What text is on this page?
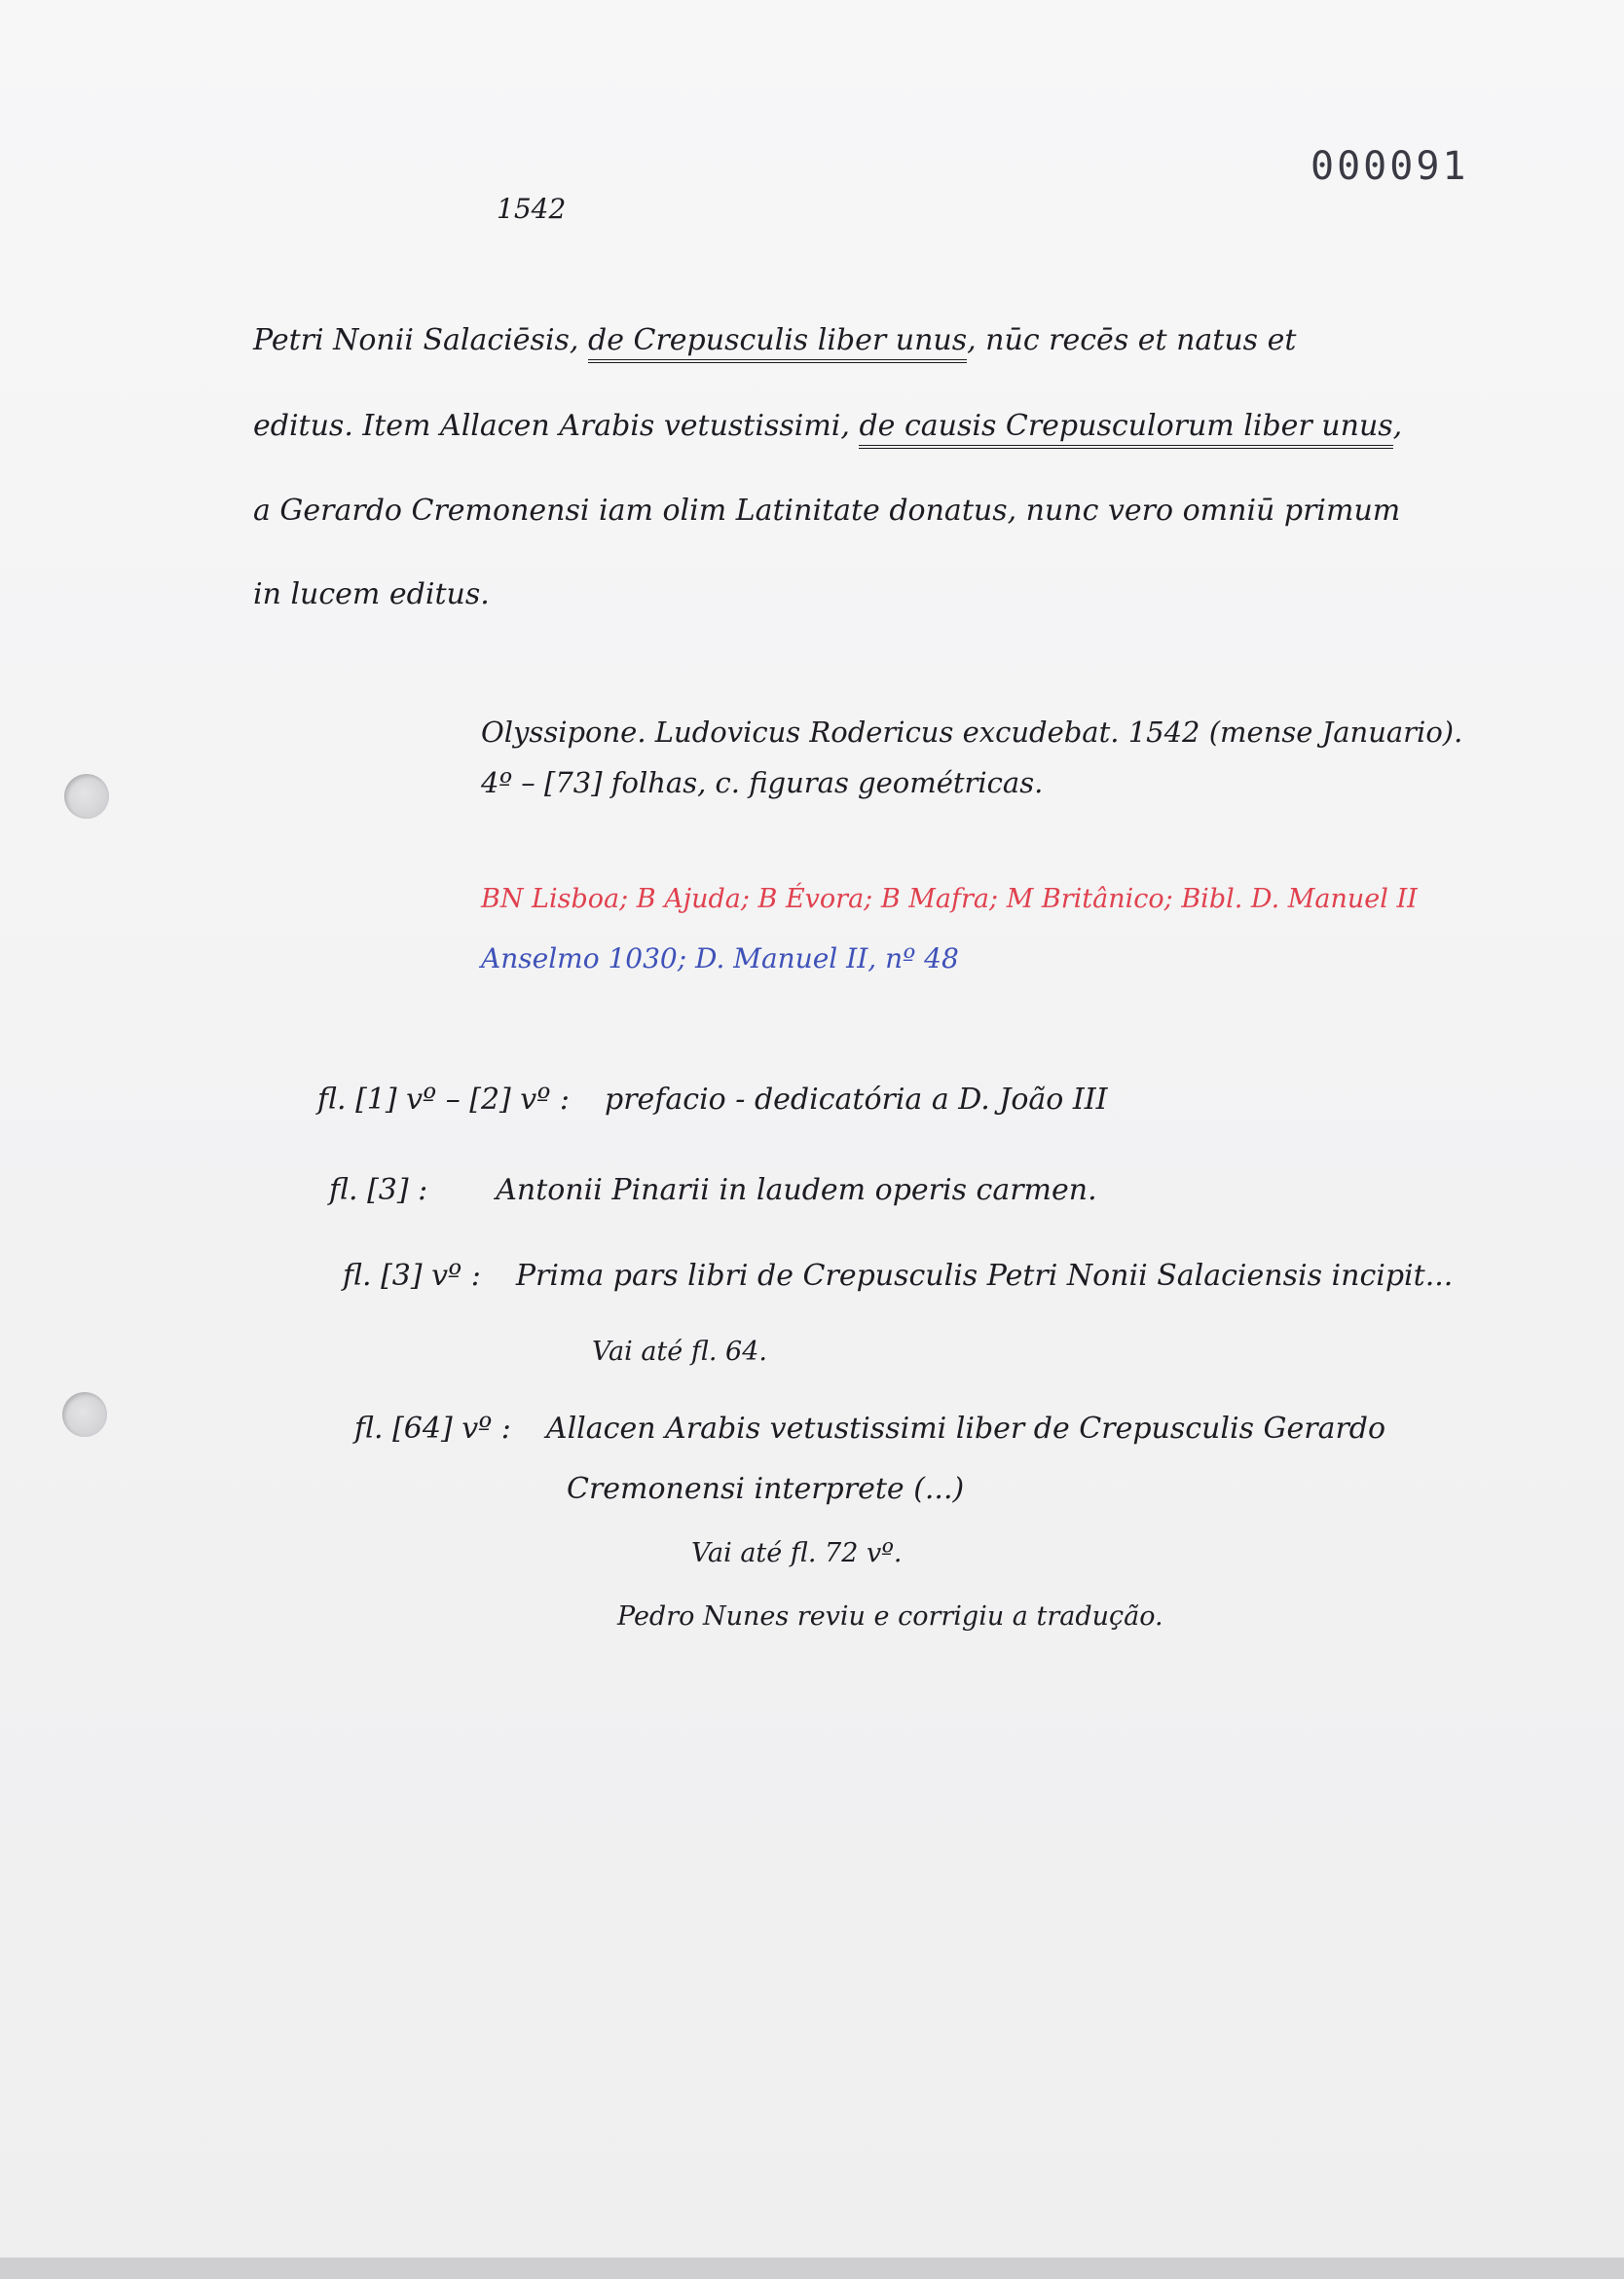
000091
1542
Petri Nonii Salaciēsis, de Crepusculis liber unus, nūc recēs et natus et
editus. Item Allacen Arabis vetustissimi, de causis Crepusculorum liber unus,
a Gerardo Cremonensi iam olim Latinitate donatus, nunc vero omniū primum
in lucem editus.
Olyssipone. Ludovicus Rodericus excudebat. 1542 (mense Januario).
4º – [73] folhas, c. figuras geométricas.
BN Lisboa; B Ajuda; B Évora; B Mafra; M Britânico; Bibl. D. Manuel II
Anselmo 1030; D. Manuel II, nº 48
fl. [1] vº – [2] vº : prefacio - dedicatória a D. João III
fl. [3] : Antonii Pinarii in laudem operis carmen.
fl. [3] vº : Prima pars libri de Crepusculis Petri Nonii Salaciensis incipit...
Vai até fl. 64.
fl. [64] vº : Allacen Arabis vetustissimi liber de Crepusculis Gerardo
Cremonensi interprete (...)
Vai até fl. 72 vº.
Pedro Nunes reviu e corrigiu a tradução.
